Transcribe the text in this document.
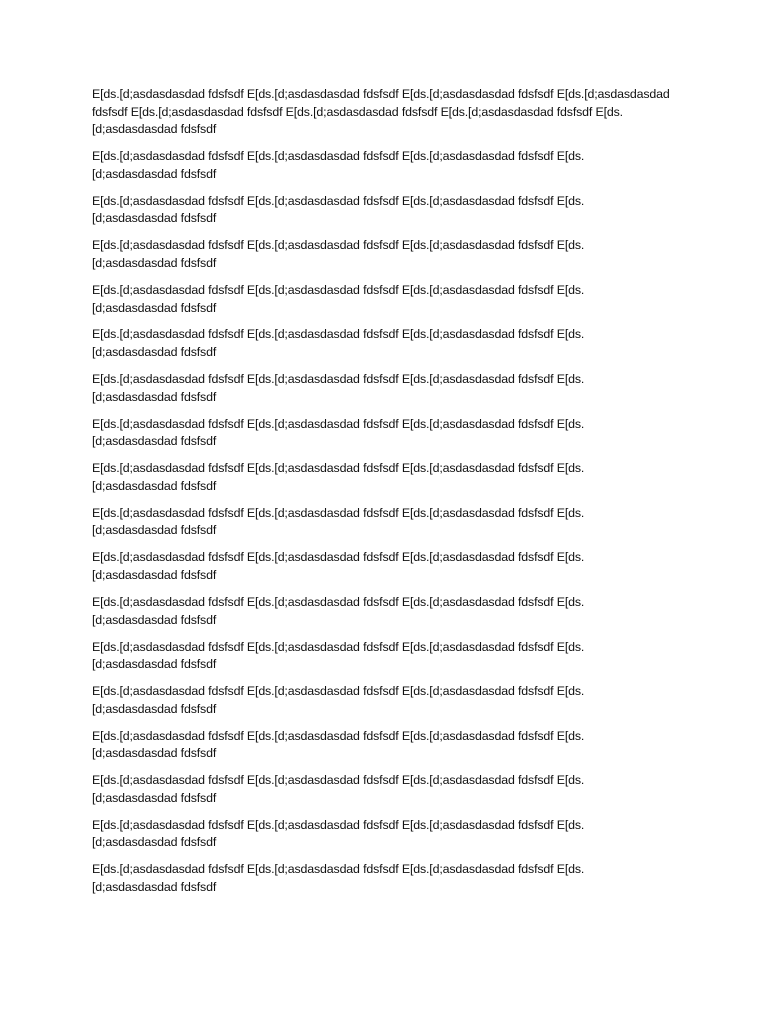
E[ds.[d;asdasdasdad fdsfsdf E[ds.[d;asdasdasdad fdsfsdf E[ds.[d;asdasdasdad fdsfsdf E[ds.[d;asdasdasdad fdsfsdf E[ds.[d;asdasdasdad fdsfsdf E[ds.[d;asdasdasdad fdsfsdf E[ds.[d;asdasdasdad fdsfsdf E[ds.[d;asdasdasdad fdsfsdf

E[ds.[d;asdasdasdad fdsfsdf E[ds.[d;asdasdasdad fdsfsdf E[ds.[d;asdasdasdad fdsfsdf E[ds.[d;asdasdasdad fdsfsdf

E[ds.[d;asdasdasdad fdsfsdf E[ds.[d;asdasdasdad fdsfsdf E[ds.[d;asdasdasdad fdsfsdf E[ds.[d;asdasdasdad fdsfsdf

E[ds.[d;asdasdasdad fdsfsdf E[ds.[d;asdasdasdad fdsfsdf E[ds.[d;asdasdasdad fdsfsdf E[ds.[d;asdasdasdad fdsfsdf

E[ds.[d;asdasdasdad fdsfsdf E[ds.[d;asdasdasdad fdsfsdf E[ds.[d;asdasdasdad fdsfsdf E[ds.[d;asdasdasdad fdsfsdf

E[ds.[d;asdasdasdad fdsfsdf E[ds.[d;asdasdasdad fdsfsdf E[ds.[d;asdasdasdad fdsfsdf E[ds.[d;asdasdasdad fdsfsdf

E[ds.[d;asdasdasdad fdsfsdf E[ds.[d;asdasdasdad fdsfsdf E[ds.[d;asdasdasdad fdsfsdf E[ds.[d;asdasdasdad fdsfsdf

E[ds.[d;asdasdasdad fdsfsdf E[ds.[d;asdasdasdad fdsfsdf E[ds.[d;asdasdasdad fdsfsdf E[ds.[d;asdasdasdad fdsfsdf

E[ds.[d;asdasdasdad fdsfsdf E[ds.[d;asdasdasdad fdsfsdf E[ds.[d;asdasdasdad fdsfsdf E[ds.[d;asdasdasdad fdsfsdf

E[ds.[d;asdasdasdad fdsfsdf E[ds.[d;asdasdasdad fdsfsdf E[ds.[d;asdasdasdad fdsfsdf E[ds.[d;asdasdasdad fdsfsdf

E[ds.[d;asdasdasdad fdsfsdf E[ds.[d;asdasdasdad fdsfsdf E[ds.[d;asdasdasdad fdsfsdf E[ds.[d;asdasdasdad fdsfsdf

E[ds.[d;asdasdasdad fdsfsdf E[ds.[d;asdasdasdad fdsfsdf E[ds.[d;asdasdasdad fdsfsdf E[ds.[d;asdasdasdad fdsfsdf

E[ds.[d;asdasdasdad fdsfsdf E[ds.[d;asdasdasdad fdsfsdf E[ds.[d;asdasdasdad fdsfsdf E[ds.[d;asdasdasdad fdsfsdf

E[ds.[d;asdasdasdad fdsfsdf E[ds.[d;asdasdasdad fdsfsdf E[ds.[d;asdasdasdad fdsfsdf E[ds.[d;asdasdasdad fdsfsdf

E[ds.[d;asdasdasdad fdsfsdf E[ds.[d;asdasdasdad fdsfsdf E[ds.[d;asdasdasdad fdsfsdf E[ds.[d;asdasdasdad fdsfsdf

E[ds.[d;asdasdasdad fdsfsdf E[ds.[d;asdasdasdad fdsfsdf E[ds.[d;asdasdasdad fdsfsdf E[ds.[d;asdasdasdad fdsfsdf

E[ds.[d;asdasdasdad fdsfsdf E[ds.[d;asdasdasdad fdsfsdf E[ds.[d;asdasdasdad fdsfsdf E[ds.[d;asdasdasdad fdsfsdf

E[ds.[d;asdasdasdad fdsfsdf E[ds.[d;asdasdasdad fdsfsdf E[ds.[d;asdasdasdad fdsfsdf E[ds.[d;asdasdasdad fdsfsdf
